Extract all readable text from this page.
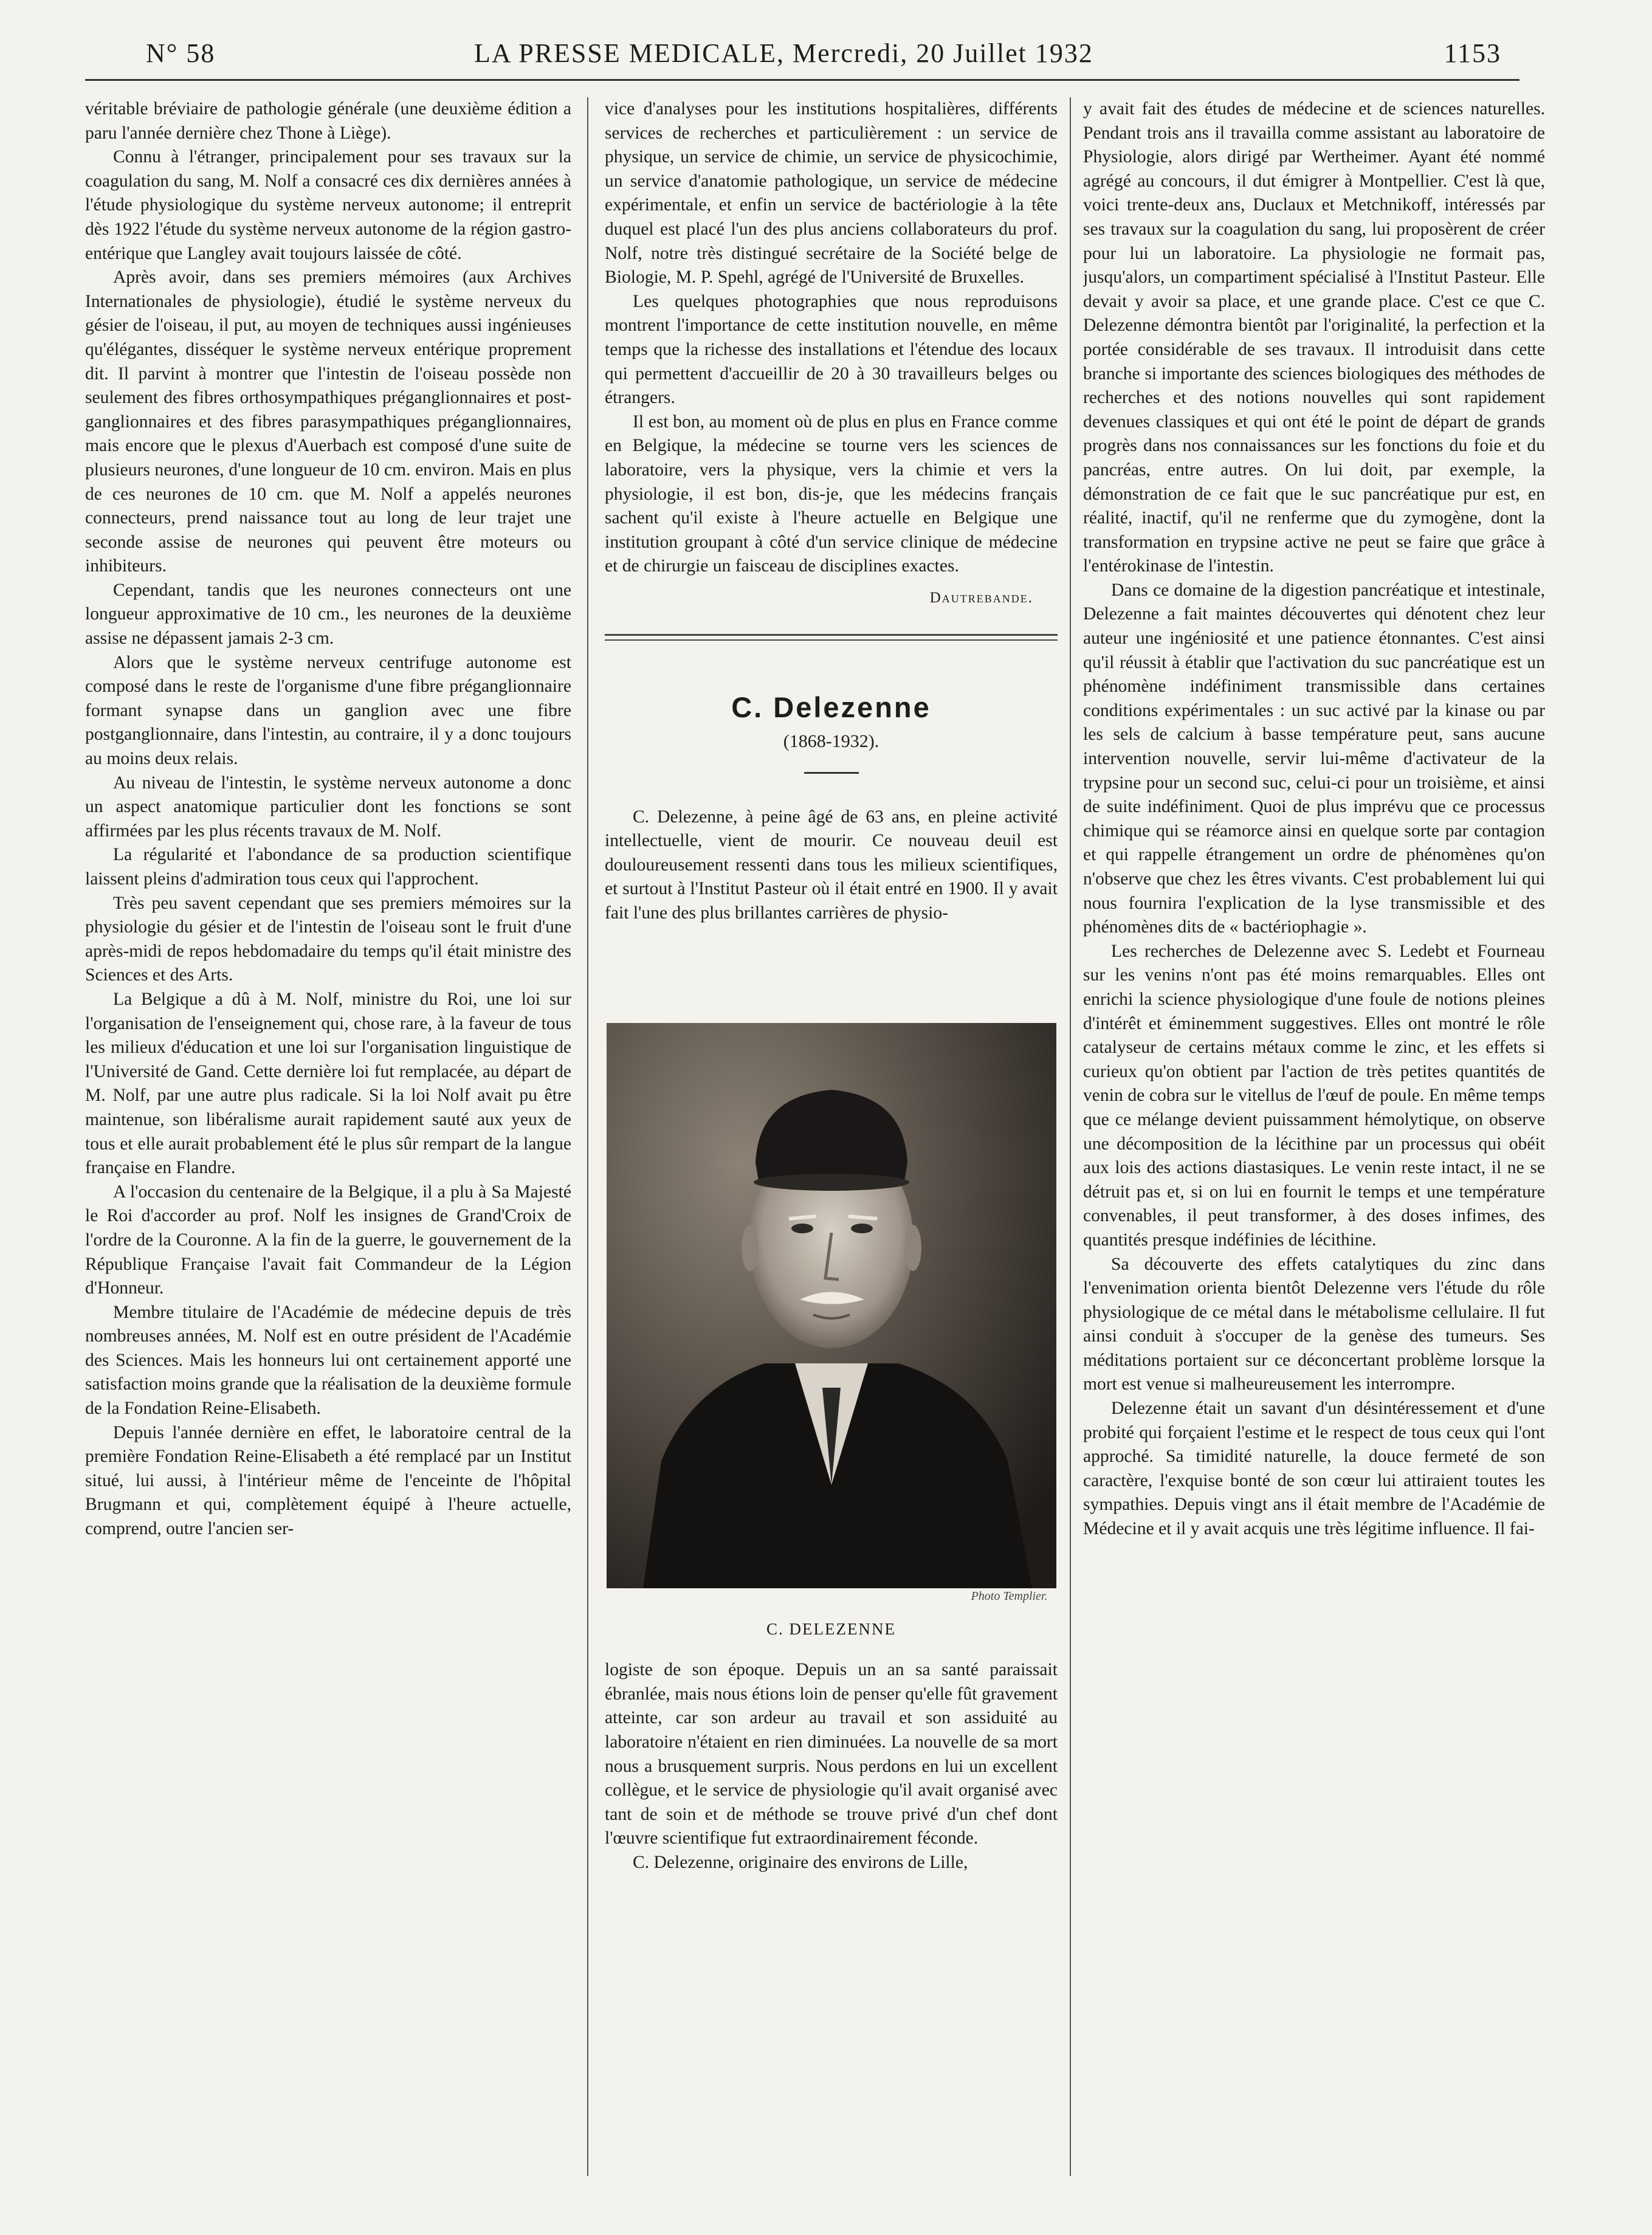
N° 58	LA PRESSE MEDICALE, Mercredi, 20 Juillet 1932	1153

véritable bréviaire de pathologie générale (une deuxième édition a paru l'année dernière chez Thone à Liège).

Connu à l'étranger, principalement pour ses travaux sur la coagulation du sang, M. Nolf a consacré ces dix dernières années à l'étude physiologique du système nerveux autonome; il entreprit dès 1922 l'étude du système nerveux autonome de la région gastro-entérique que Langley avait toujours laissée de côté.

Après avoir, dans ses premiers mémoires (aux Archives Internationales de physiologie), étudié le système nerveux du gésier de l'oiseau, il put, au moyen de techniques aussi ingénieuses qu'élégantes, disséquer le système nerveux entérique proprement dit. Il parvint à montrer que l'intestin de l'oiseau possède non seulement des fibres orthosympathiques préganglionnaires et post-ganglionnaires et des fibres parasympathiques préganglionnaires, mais encore que le plexus d'Auerbach est composé d'une suite de plusieurs neurones, d'une longueur de 10 cm. environ. Mais en plus de ces neurones de 10 cm. que M. Nolf a appelés neurones connecteurs, prend naissance tout au long de leur trajet une seconde assise de neurones qui peuvent être moteurs ou inhibiteurs.

Cependant, tandis que les neurones connecteurs ont une longueur approximative de 10 cm., les neurones de la deuxième assise ne dépassent jamais 2-3 cm.

Alors que le système nerveux centrifuge autonome est composé dans le reste de l'organisme d'une fibre préganglionnaire formant synapse dans un ganglion avec une fibre postganglionnaire, dans l'intestin, au contraire, il y a donc toujours au moins deux relais.

Au niveau de l'intestin, le système nerveux autonome a donc un aspect anatomique particulier dont les fonctions se sont affirmées par les plus récents travaux de M. Nolf.

La régularité et l'abondance de sa production scientifique laissent pleins d'admiration tous ceux qui l'approchent.

Très peu savent cependant que ses premiers mémoires sur la physiologie du gésier et de l'intestin de l'oiseau sont le fruit d'une après-midi de repos hebdomadaire du temps qu'il était ministre des Sciences et des Arts.

La Belgique a dû à M. Nolf, ministre du Roi, une loi sur l'organisation de l'enseignement qui, chose rare, à la faveur de tous les milieux d'éducation et une loi sur l'organisation linguistique de l'Université de Gand. Cette dernière loi fut remplacée, au départ de M. Nolf, par une autre plus radicale. Si la loi Nolf avait pu être maintenue, son libéralisme aurait rapidement sauté aux yeux de tous et elle aurait probablement été le plus sûr rempart de la langue française en Flandre.

A l'occasion du centenaire de la Belgique, il a plu à Sa Majesté le Roi d'accorder au prof. Nolf les insignes de Grand'Croix de l'ordre de la Couronne. A la fin de la guerre, le gouvernement de la République Française l'avait fait Commandeur de la Légion d'Honneur.

Membre titulaire de l'Académie de médecine depuis de très nombreuses années, M. Nolf est en outre président de l'Académie des Sciences. Mais les honneurs lui ont certainement apporté une satisfaction moins grande que la réalisation de la deuxième formule de la Fondation Reine-Elisabeth.

Depuis l'année dernière en effet, le laboratoire central de la première Fondation Reine-Elisabeth a été remplacé par un Institut situé, lui aussi, à l'intérieur même de l'enceinte de l'hôpital Brugmann et qui, complètement équipé à l'heure actuelle, comprend, outre l'ancien ser-

vice d'analyses pour les institutions hospitalières, différents services de recherches et particulièrement : un service de physique, un service de chimie, un service de physicochimie, un service d'anatomie pathologique, un service de médecine expérimentale, et enfin un service de bactériologie à la tête duquel est placé l'un des plus anciens collaborateurs du prof. Nolf, notre très distingué secrétaire de la Société belge de Biologie, M. P. Spehl, agrégé de l'Université de Bruxelles.

Les quelques photographies que nous reproduisons montrent l'importance de cette institution nouvelle, en même temps que la richesse des installations et l'étendue des locaux qui permettent d'accueillir de 20 à 30 travailleurs belges ou étrangers.

Il est bon, au moment où de plus en plus en France comme en Belgique, la médecine se tourne vers les sciences de laboratoire, vers la physique, vers la chimie et vers la physiologie, il est bon, dis-je, que les médecins français sachent qu'il existe à l'heure actuelle en Belgique une institution groupant à côté d'un service clinique de médecine et de chirurgie un faisceau de disciplines exactes.

Dautrebande.

C. Delezenne
(1868-1932).

C. Delezenne, à peine âgé de 63 ans, en pleine activité intellectuelle, vient de mourir. Ce nouveau deuil est douloureusement ressenti dans tous les milieux scientifiques, et surtout à l'Institut Pasteur où il était entré en 1900. Il y avait fait l'une des plus brillantes carrières de physio-

Photo Templier.
C. DELEZENNE

logiste de son époque. Depuis un an sa santé paraissait ébranlée, mais nous étions loin de penser qu'elle fût gravement atteinte, car son ardeur au travail et son assiduité au laboratoire n'étaient en rien diminuées. La nouvelle de sa mort nous a brusquement surpris. Nous perdons en lui un excellent collègue, et le service de physiologie qu'il avait organisé avec tant de soin et de méthode se trouve privé d'un chef dont l'œuvre scientifique fut extraordinairement féconde.

C. Delezenne, originaire des environs de Lille,

y avait fait des études de médecine et de sciences naturelles. Pendant trois ans il travailla comme assistant au laboratoire de Physiologie, alors dirigé par Wertheimer. Ayant été nommé agrégé au concours, il dut émigrer à Montpellier. C'est là que, voici trente-deux ans, Duclaux et Metchnikoff, intéressés par ses travaux sur la coagulation du sang, lui proposèrent de créer pour lui un laboratoire. La physiologie ne formait pas, jusqu'alors, un compartiment spécialisé à l'Institut Pasteur. Elle devait y avoir sa place, et une grande place. C'est ce que C. Delezenne démontra bientôt par l'originalité, la perfection et la portée considérable de ses travaux. Il introduisit dans cette branche si importante des sciences biologiques des méthodes de recherches et des notions nouvelles qui sont rapidement devenues classiques et qui ont été le point de départ de grands progrès dans nos connaissances sur les fonctions du foie et du pancréas, entre autres. On lui doit, par exemple, la démonstration de ce fait que le suc pancréatique pur est, en réalité, inactif, qu'il ne renferme que du zymogène, dont la transformation en trypsine active ne peut se faire que grâce à l'entérokinase de l'intestin.

Dans ce domaine de la digestion pancréatique et intestinale, Delezenne a fait maintes découvertes qui dénotent chez leur auteur une ingéniosité et une patience étonnantes. C'est ainsi qu'il réussit à établir que l'activation du suc pancréatique est un phénomène indéfiniment transmissible dans certaines conditions expérimentales : un suc activé par la kinase ou par les sels de calcium à basse température peut, sans aucune intervention nouvelle, servir lui-même d'activateur de la trypsine pour un second suc, celui-ci pour un troisième, et ainsi de suite indéfiniment. Quoi de plus imprévu que ce processus chimique qui se réamorce ainsi en quelque sorte par contagion et qui rappelle étrangement un ordre de phénomènes qu'on n'observe que chez les êtres vivants. C'est probablement lui qui nous fournira l'explication de la lyse transmissible et des phénomènes dits de « bactériophagie ».

Les recherches de Delezenne avec S. Ledebt et Fourneau sur les venins n'ont pas été moins remarquables. Elles ont enrichi la science physiologique d'une foule de notions pleines d'intérêt et éminemment suggestives. Elles ont montré le rôle catalyseur de certains métaux comme le zinc, et les effets si curieux qu'on obtient par l'action de très petites quantités de venin de cobra sur le vitellus de l'œuf de poule. En même temps que ce mélange devient puissamment hémolytique, on observe une décomposition de la lécithine par un processus qui obéit aux lois des actions diastasiques. Le venin reste intact, il ne se détruit pas et, si on lui en fournit le temps et une température convenables, il peut transformer, à des doses infimes, des quantités presque indéfinies de lécithine.

Sa découverte des effets catalytiques du zinc dans l'envenimation orienta bientôt Delezenne vers l'étude du rôle physiologique de ce métal dans le métabolisme cellulaire. Il fut ainsi conduit à s'occuper de la genèse des tumeurs. Ses méditations portaient sur ce déconcertant problème lorsque la mort est venue si malheureusement les interrompre.

Delezenne était un savant d'un désintéressement et d'une probité qui forçaient l'estime et le respect de tous ceux qui l'ont approché. Sa timidité naturelle, la douce fermeté de son caractère, l'exquise bonté de son cœur lui attiraient toutes les sympathies. Depuis vingt ans il était membre de l'Académie de Médecine et il y avait acquis une très légitime influence. Il fai-
